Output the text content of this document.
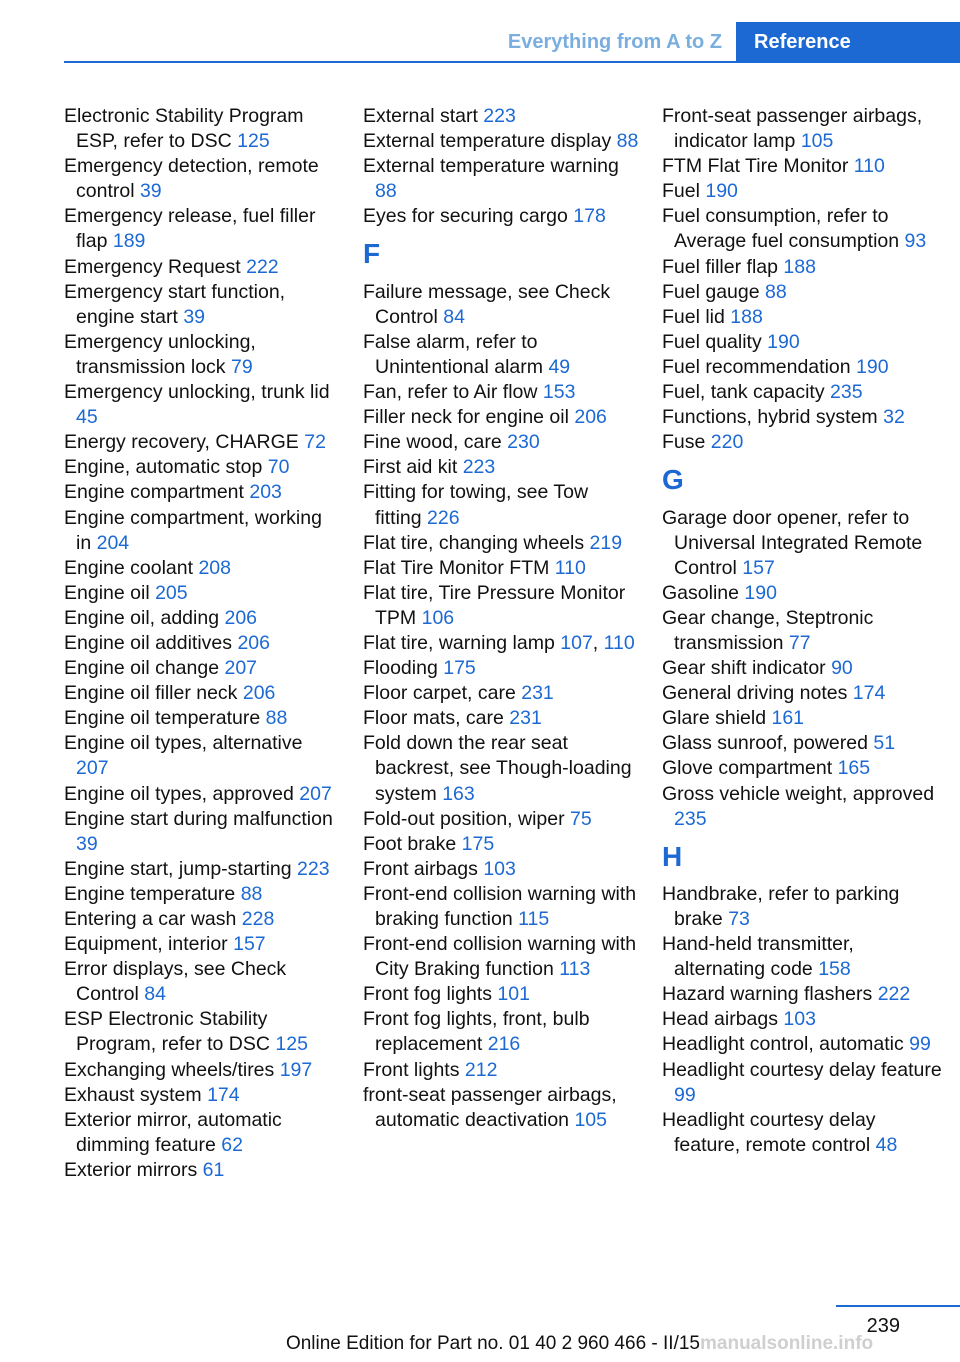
Everything from A to Z	Reference
Electronic Stability Program ESP, refer to DSC 125
Emergency detection, remote control 39
Emergency release, fuel filler flap 189
Emergency Request 222
Emergency start function, engine start 39
Emergency unlocking, transmission lock 79
Emergency unlocking, trunk lid 45
Energy recovery, CHARGE 72
Engine, automatic stop 70
Engine compartment 203
Engine compartment, working in 204
Engine coolant 208
Engine oil 205
Engine oil, adding 206
Engine oil additives 206
Engine oil change 207
Engine oil filler neck 206
Engine oil temperature 88
Engine oil types, alternative 207
Engine oil types, approved 207
Engine start during malfunction 39
Engine start, jump-starting 223
Engine temperature 88
Entering a car wash 228
Equipment, interior 157
Error displays, see Check Control 84
ESP Electronic Stability Program, refer to DSC 125
Exchanging wheels/tires 197
Exhaust system 174
Exterior mirror, automatic dimming feature 62
Exterior mirrors 61
External start 223
External temperature display 88
External temperature warning 88
Eyes for securing cargo 178
F
Failure message, see Check Control 84
False alarm, refer to Unintentional alarm 49
Fan, refer to Air flow 153
Filler neck for engine oil 206
Fine wood, care 230
First aid kit 223
Fitting for towing, see Tow fitting 226
Flat tire, changing wheels 219
Flat Tire Monitor FTM 110
Flat tire, Tire Pressure Monitor TPM 106
Flat tire, warning lamp 107, 110
Flooding 175
Floor carpet, care 231
Floor mats, care 231
Fold down the rear seat backrest, see Though-loading system 163
Fold-out position, wiper 75
Foot brake 175
Front airbags 103
Front-end collision warning with braking function 115
Front-end collision warning with City Braking function 113
Front fog lights 101
Front fog lights, front, bulb replacement 216
Front lights 212
front-seat passenger airbags, automatic deactivation 105
Front-seat passenger airbags, indicator lamp 105
FTM Flat Tire Monitor 110
Fuel 190
Fuel consumption, refer to Average fuel consumption 93
Fuel filler flap 188
Fuel gauge 88
Fuel lid 188
Fuel quality 190
Fuel recommendation 190
Fuel, tank capacity 235
Functions, hybrid system 32
Fuse 220
G
Garage door opener, refer to Universal Integrated Remote Control 157
Gasoline 190
Gear change, Steptronic transmission 77
Gear shift indicator 90
General driving notes 174
Glare shield 161
Glass sunroof, powered 51
Glove compartment 165
Gross vehicle weight, approved 235
H
Handbrake, refer to parking brake 73
Hand-held transmitter, alternating code 158
Hazard warning flashers 222
Head airbags 103
Headlight control, automatic 99
Headlight courtesy delay feature 99
Headlight courtesy delay feature, remote control 48
239
Online Edition for Part no. 01 40 2 960 466 - II/15 manualsonline.info
